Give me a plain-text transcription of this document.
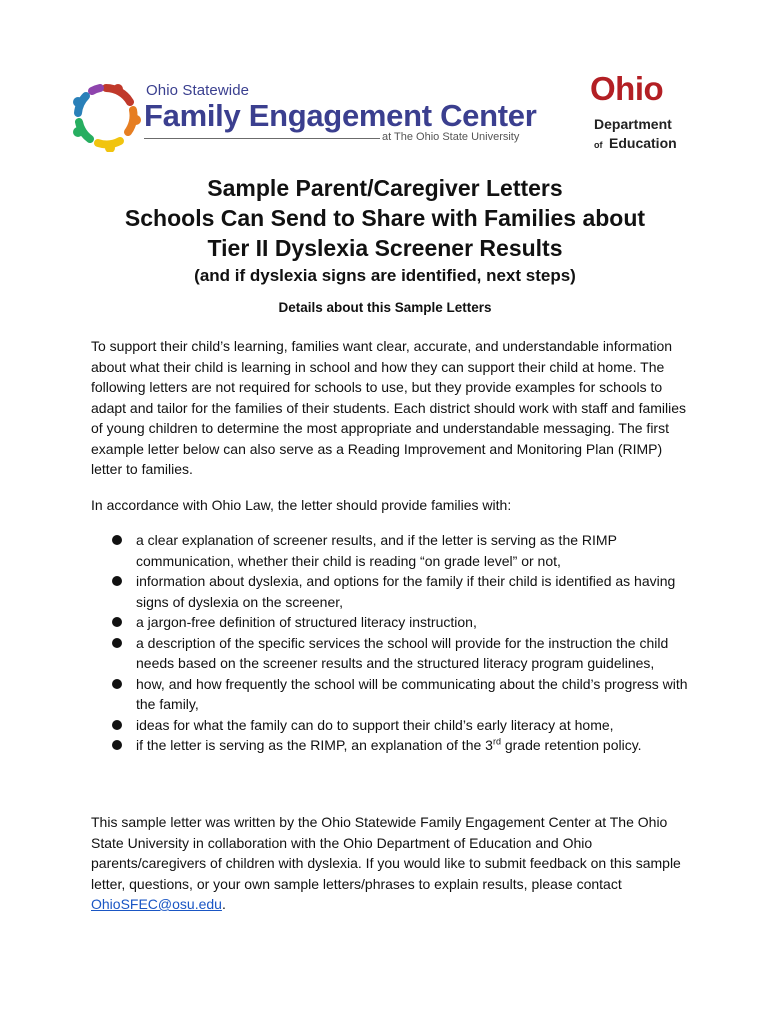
Ohio Statewide
Family Engagement Center
at The Ohio State University
Ohio
Department
of Education
Sample Parent/Caregiver Letters
Schools Can Send to Share with Families about
Tier II Dyslexia Screener Results
(and if dyslexia signs are identified, next steps)
Details about this Sample Letters
To support their child’s learning, families want clear, accurate, and understandable information about what their child is learning in school and how they can support their child at home. The following letters are not required for schools to use, but they provide examples for schools to adapt and tailor for the families of their students. Each district should work with staff and families of young children to determine the most appropriate and understandable messaging. The first example letter below can also serve as a Reading Improvement and Monitoring Plan (RIMP) letter to families.
In accordance with Ohio Law, the letter should provide families with:
a clear explanation of screener results, and if the letter is serving as the RIMP communication, whether their child is reading “on grade level” or not,
information about dyslexia, and options for the family if their child is identified as having signs of dyslexia on the screener,
a jargon-free definition of structured literacy instruction,
a description of the specific services the school will provide for the instruction the child needs based on the screener results and the structured literacy program guidelines,
how, and how frequently the school will be communicating about the child’s progress with the family,
ideas for what the family can do to support their child’s early literacy at home,
if the letter is serving as the RIMP, an explanation of the 3rd grade retention policy.
This sample letter was written by the Ohio Statewide Family Engagement Center at The Ohio State University in collaboration with the Ohio Department of Education and Ohio parents/caregivers of children with dyslexia. If you would like to submit feedback on this sample letter, questions, or your own sample letters/phrases to explain results, please contact OhioSFEC@osu.edu.
